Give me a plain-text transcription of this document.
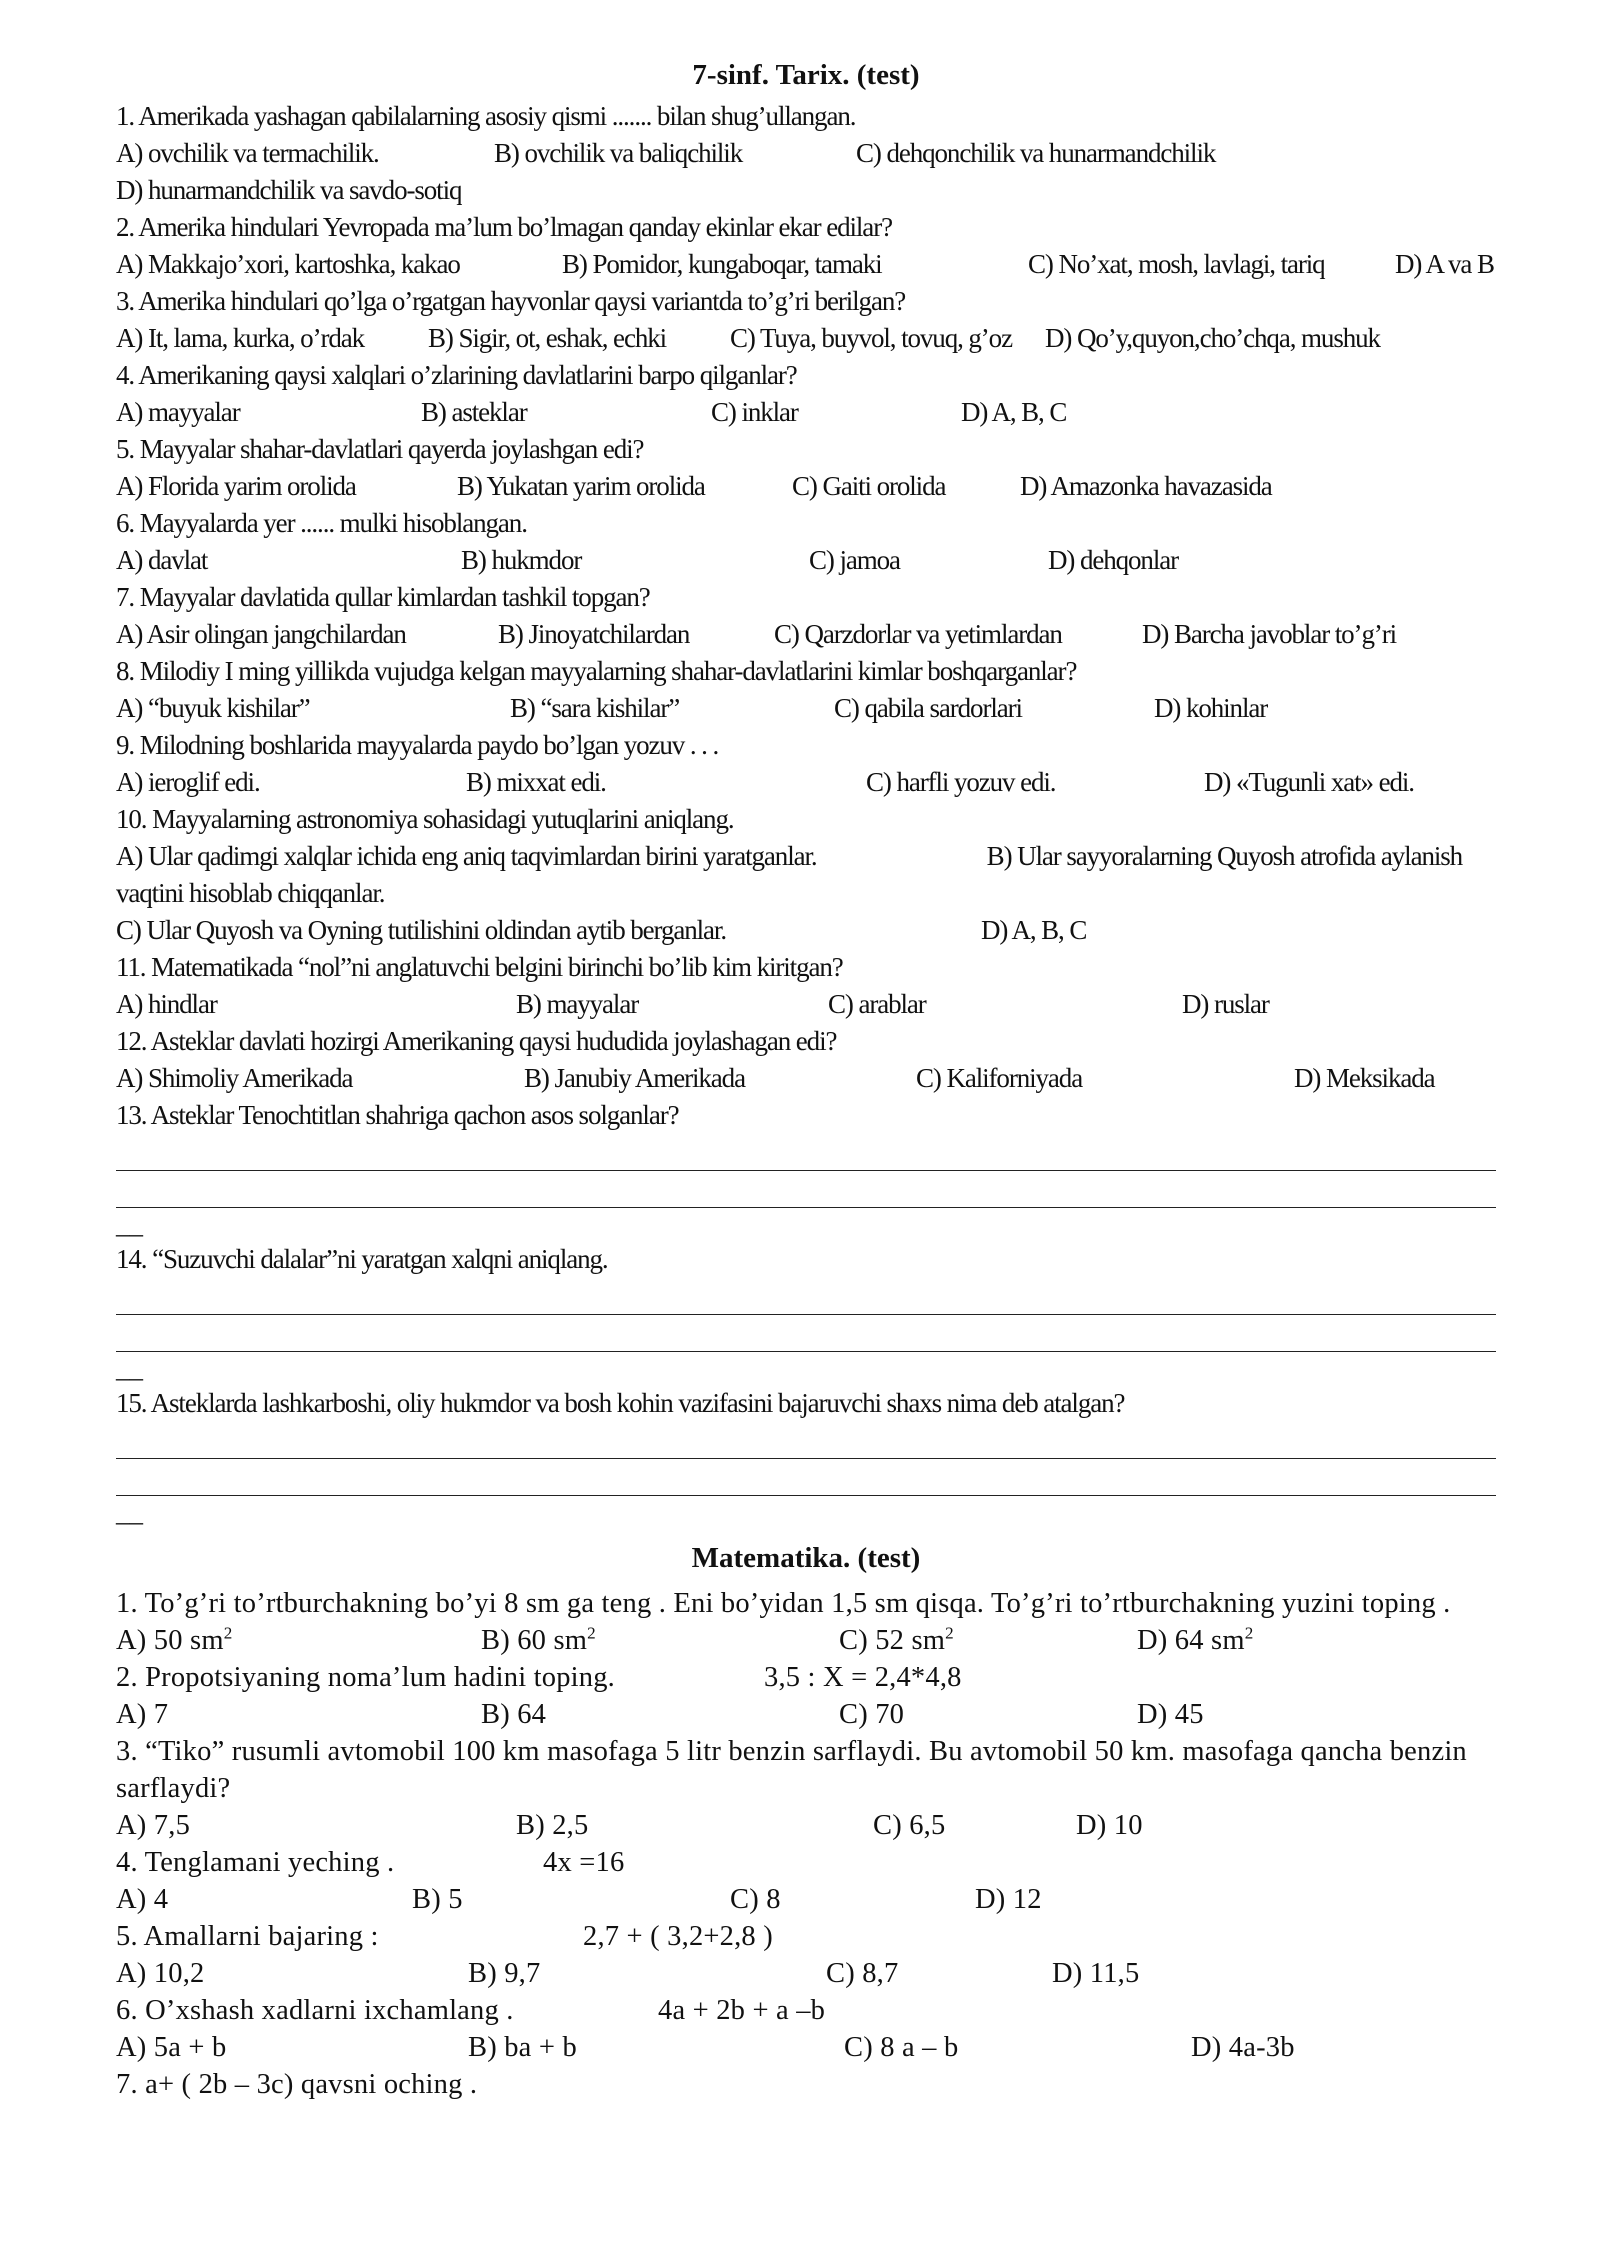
7-sinf. Tarix. (test)
1. Amerikada yashagan qabilalarning asosiy qismi ....... bilan shug’ullangan.
A) ovchilik va termachilik.	B) ovchilik va baliqchilik	C) dehqonchilik va hunarmandchilik
D) hunarmandchilik va savdo-sotiq
2. Amerika hindulari Yevropada ma’lum bo’lmagan qanday ekinlar ekar edilar?
A) Makkajo’xori, kartoshka, kakao	B) Pomidor, kungaboqar, tamaki	C) No’xat, mosh, lavlagi, tariq	D) A va B
3. Amerika hindulari qo’lga o’rgatgan hayvonlar qaysi variantda to’g’ri berilgan?
A) It, lama, kurka, o’rdak	B) Sigir, ot, eshak, echki	C) Tuya, buyvol, tovuq, g’oz	D) Qo’y,quyon,cho’chqa, mushuk
4. Amerikaning qaysi xalqlari o’zlarining davlatlarini barpo qilganlar?
A) mayyalar	B) asteklar	C) inklar	D) A, B, C
5. Mayyalar shahar-davlatlari qayerda joylashgan edi?
A) Florida yarim orolida	B) Yukatan yarim orolida	C) Gaiti orolida	D) Amazonka havazasida
6. Mayyalarda yer ...... mulki hisoblangan.
A) davlat	B) hukmdor	C) jamoa	D) dehqonlar
7. Mayyalar davlatida qullar kimlardan tashkil topgan?
A) Asir olingan jangchilardan	B) Jinoyatchilardan	C) Qarzdorlar va yetimlardan	D) Barcha javoblar to’g’ri
8. Milodiy I ming yillikda vujudga kelgan mayyalarning shahar-davlatlarini kimlar boshqarganlar?
A) “buyuk kishilar”	B) “sara kishilar”	C) qabila sardorlari	D) kohinlar
9. Milodning boshlarida mayyalarda paydo bo’lgan yozuv . . .
A) ieroglif edi.	B) mixxat edi.	C) harfli yozuv edi.	D) «Tugunli xat» edi.
10. Mayyalarning astronomiya sohasidagi yutuqlarini aniqlang.
A) Ular qadimgi xalqlar ichida eng aniq taqvimlardan birini yaratganlar.	B) Ular sayyoralarning Quyosh atrofida aylanish vaqtini hisoblab chiqqanlar.
C) Ular Quyosh va Oyning tutilishini oldindan aytib berganlar.	D) A, B, C
11. Matematikada “nol”ni anglatuvchi belgini birinchi bo’lib kim kiritgan?
A) hindlar	B) mayyalar	C) arablar	D) ruslar
12. Asteklar davlati hozirgi Amerikaning qaysi hududida joylashagan edi?
A) Shimoliy Amerikada	B) Janubiy Amerikada	C) Kaliforniyada	D) Meksikada
13. Asteklar Tenochtitlan shahriga qachon asos solganlar?
__
14. “Suzuvchi dalalar”ni yaratgan xalqni aniqlang.
__
15. Asteklarda lashkarboshi, oliy hukmdor va bosh kohin vazifasini bajaruvchi shaxs nima deb atalgan?
__
Matematika. (test)
1. To’g’ri to’rtburchakning bo’yi 8 sm ga teng . Eni bo’yidan 1,5 sm qisqa. To’g’ri to’rtburchakning yuzini toping .
A) 50 $sm^2$	B) 60 $sm^2$	C) 52 $sm^2$	D) 64 $sm^2$
2. Propotsiyaning noma’lum hadini toping.	3,5 : X = 2,4*4,8
A) 7	B) 64	C) 70	D) 45
3. “Tiko” rusumli avtomobil 100 km masofaga 5 litr benzin sarflaydi. Bu avtomobil 50 km. masofaga qancha benzin sarflaydi?
A) 7,5	B) 2,5	C) 6,5	D) 10
4. Tenglamani yeching .	4x =16
A) 4	B) 5	C) 8	D) 12
5. Amallarni bajaring :	2,7 + ( 3,2+2,8 )
A) 10,2	B) 9,7	C) 8,7	D) 11,5
6. O’xshash xadlarni ixchamlang .	4a + 2b + a –b
A) 5a + b	B) ba + b	C) 8 a – b	D) 4a-3b
7. a+ ( 2b – 3c) qavsni oching .
